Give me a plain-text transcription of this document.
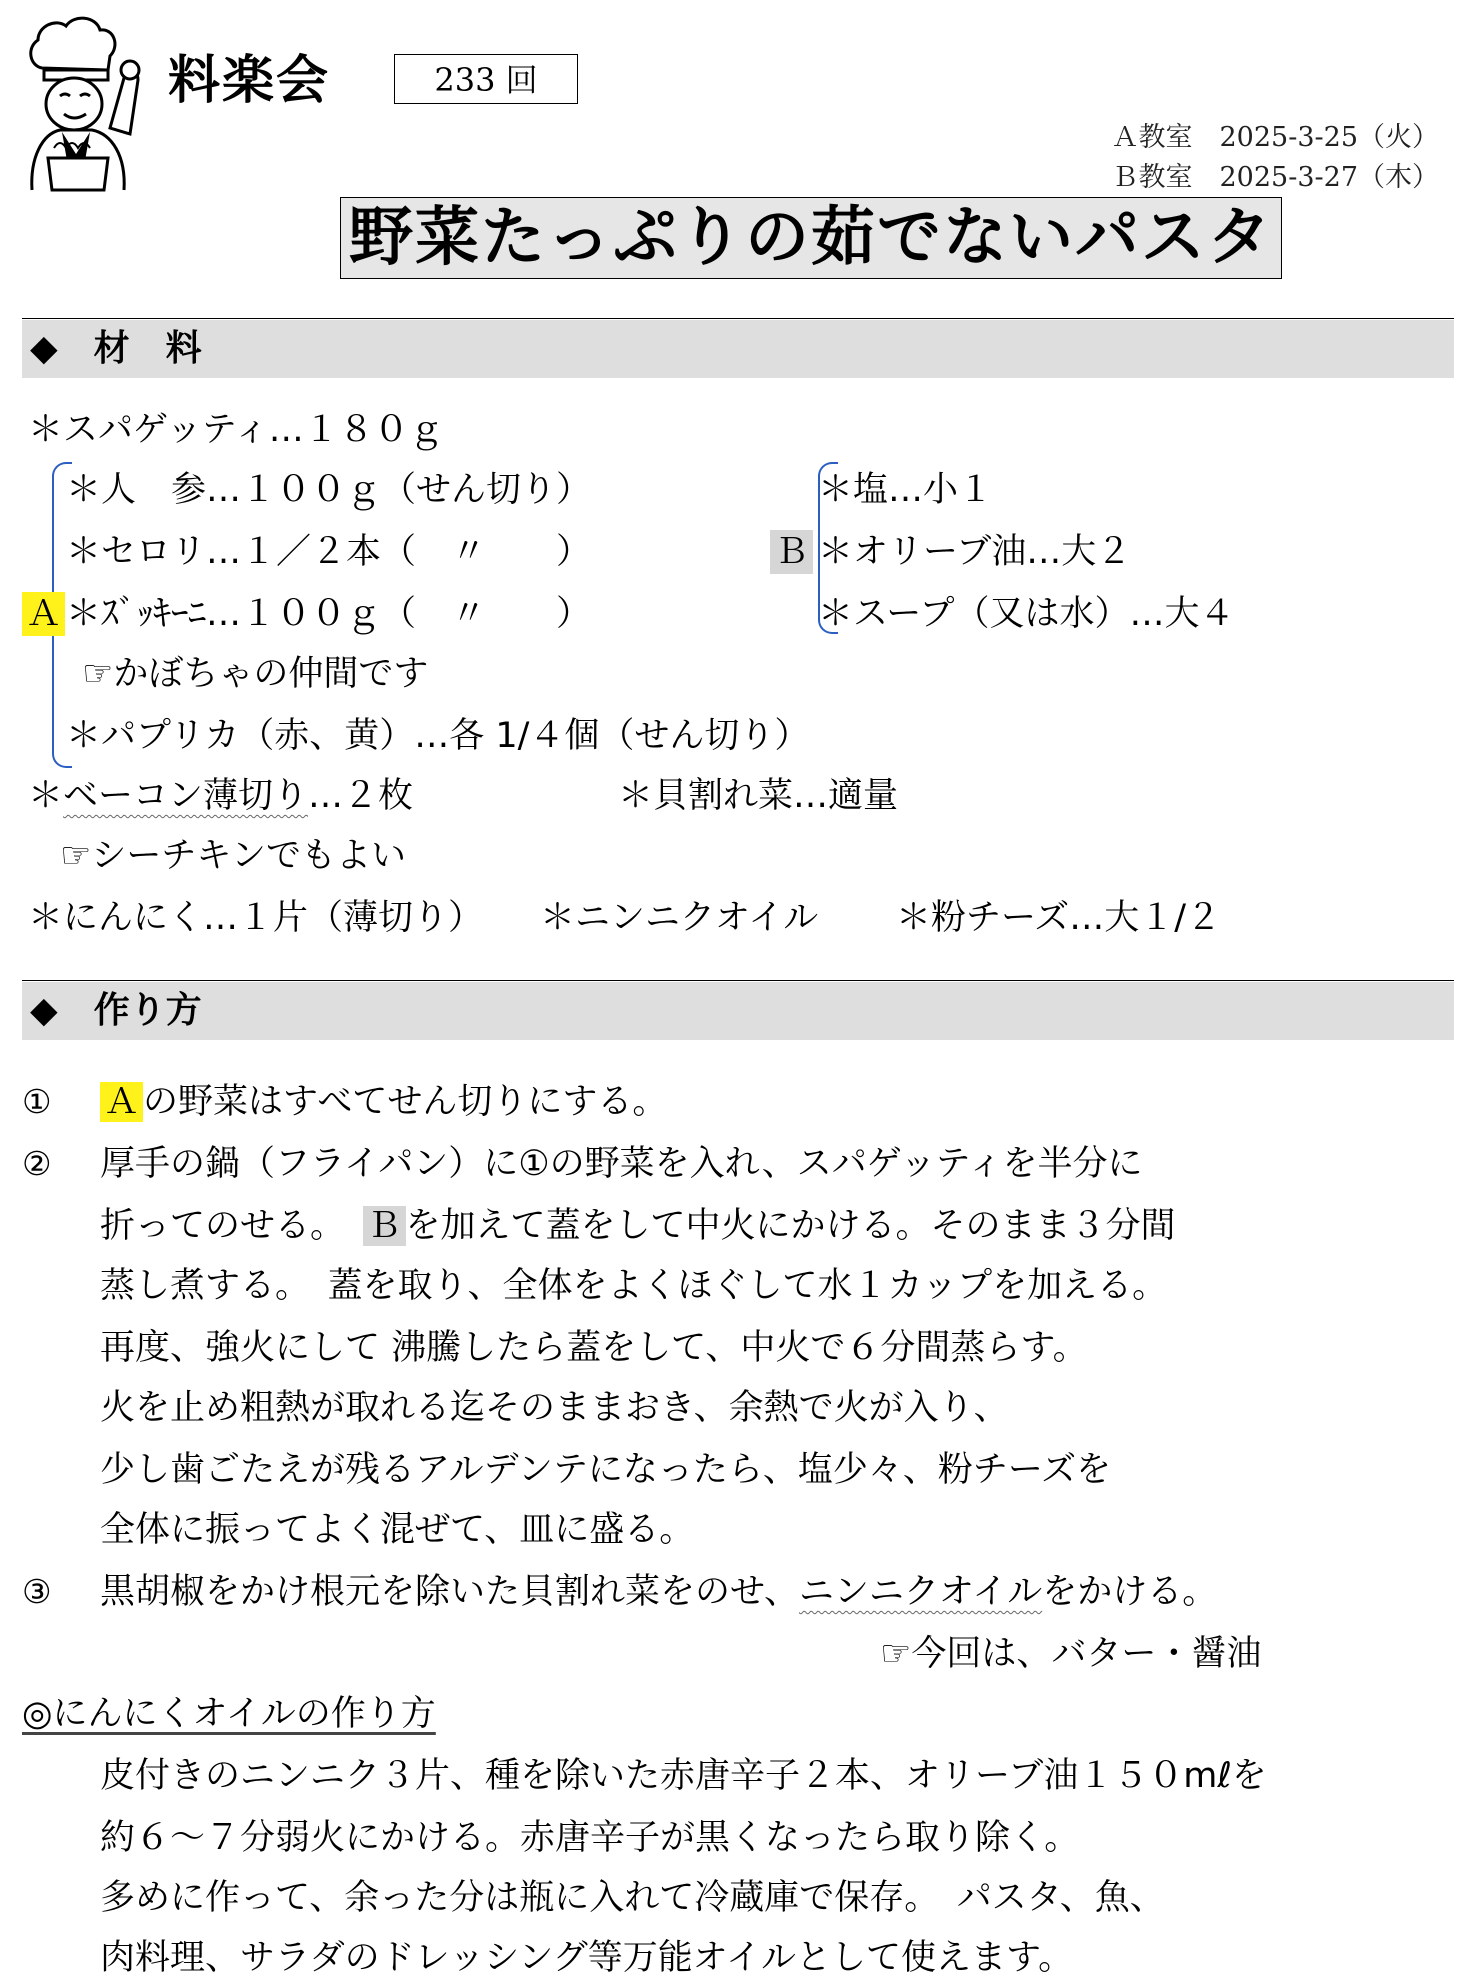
料楽会	233 回
Ａ教室　2025-3-25（火）
Ｂ教室　2025-3-27（木）
野菜たっぷりの茹でないパスタ
◆　材　料
＊スパゲッティ…１８０ｇ
＊人　参…１００ｇ（せん切り）
＊セロリ…１／２本（　〃　　）
Ａ ＊ｽﾞｯｷｰﾆ…１００ｇ（　〃　　）
☞かぼちゃの仲間です
＊パプリカ（赤、黄）…各 1/４個（せん切り）
＊塩…小１
Ｂ ＊オリーブ油…大２
＊スープ（又は水）…大４
＊ベーコン薄切り…２枚	＊貝割れ菜…適量
☞シーチキンでもよい
＊にんにく…１片（薄切り） ＊ニンニクオイル ＊粉チーズ…大１/２
◆　作り方
① Ａ の野菜はすべてせん切りにする。
② 厚手の鍋（フライパン）に①の野菜を入れ、スパゲッティを半分に
折ってのせる。　Ｂ を加えて蓋をして中火にかける。そのまま３分間
蒸し煮する。　蓋を取り、全体をよくほぐして水１カップを加える。
再度、強火にして 沸騰したら蓋をして、中火で６分間蒸らす。
火を止め粗熱が取れる迄そのままおき、余熱で火が入り、
少し歯ごたえが残るアルデンテになったら、塩少々、粉チーズを
全体に振ってよく混ぜて、皿に盛る。
③ 黒胡椒をかけ根元を除いた貝割れ菜をのせ、ニンニクオイルをかける。
☞今回は、バター・醤油
◎にんにくオイルの作り方
皮付きのニンニク３片、種を除いた赤唐辛子２本、オリーブ油１５０mℓを
約６～７分弱火にかける。赤唐辛子が黒くなったら取り除く。
多めに作って、余った分は瓶に入れて冷蔵庫で保存。　パスタ、魚、
肉料理、サラダのドレッシング等万能オイルとして使えます。
